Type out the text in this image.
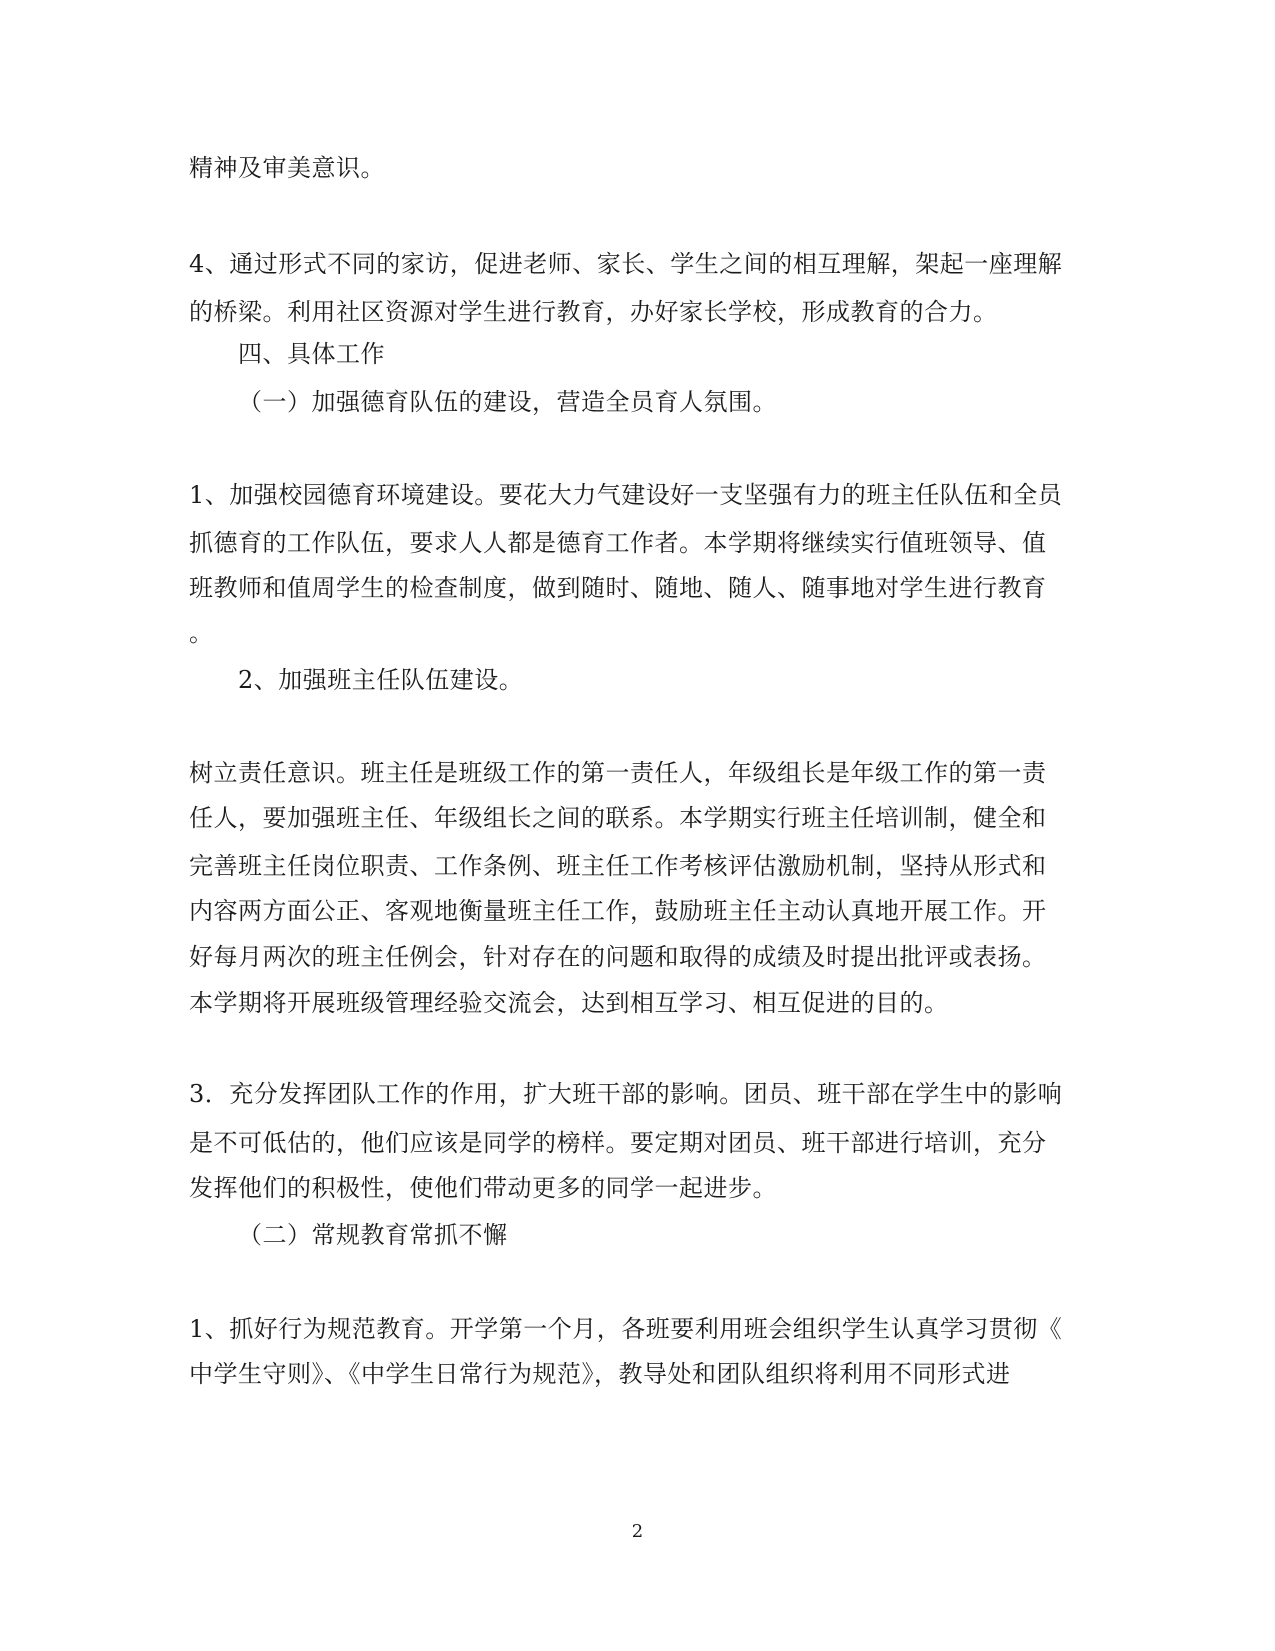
精神及审美意识。
4、通过形式不同的家访，促进老师、家长、学生之间的相互理解，架起一座理解
的桥梁。利用社区资源对学生进行教育，办好家长学校，形成教育的合力。
四、具体工作
（一）加强德育队伍的建设，营造全员育人氛围。
1、加强校园德育环境建设。要花大力气建设好一支坚强有力的班主任队伍和全员
抓德育的工作队伍，要求人人都是德育工作者。本学期将继续实行值班领导、值
班教师和值周学生的检查制度，做到随时、随地、随人、随事地对学生进行教育
。
2、加强班主任队伍建设。
树立责任意识。班主任是班级工作的第一责任人，年级组长是年级工作的第一责
任人，要加强班主任、年级组长之间的联系。本学期实行班主任培训制，健全和
完善班主任岗位职责、工作条例、班主任工作考核评估激励机制，坚持从形式和
内容两方面公正、客观地衡量班主任工作，鼓励班主任主动认真地开展工作。开
好每月两次的班主任例会，针对存在的问题和取得的成绩及时提出批评或表扬。
本学期将开展班级管理经验交流会，达到相互学习、相互促进的目的。
3．充分发挥团队工作的作用，扩大班干部的影响。团员、班干部在学生中的影响
是不可低估的，他们应该是同学的榜样。要定期对团员、班干部进行培训，充分
发挥他们的积极性，使他们带动更多的同学一起进步。
（二）常规教育常抓不懈
1、抓好行为规范教育。开学第一个月，各班要利用班会组织学生认真学习贯彻《
中学生守则》、《中学生日常行为规范》，教导处和团队组织将利用不同形式进
2
